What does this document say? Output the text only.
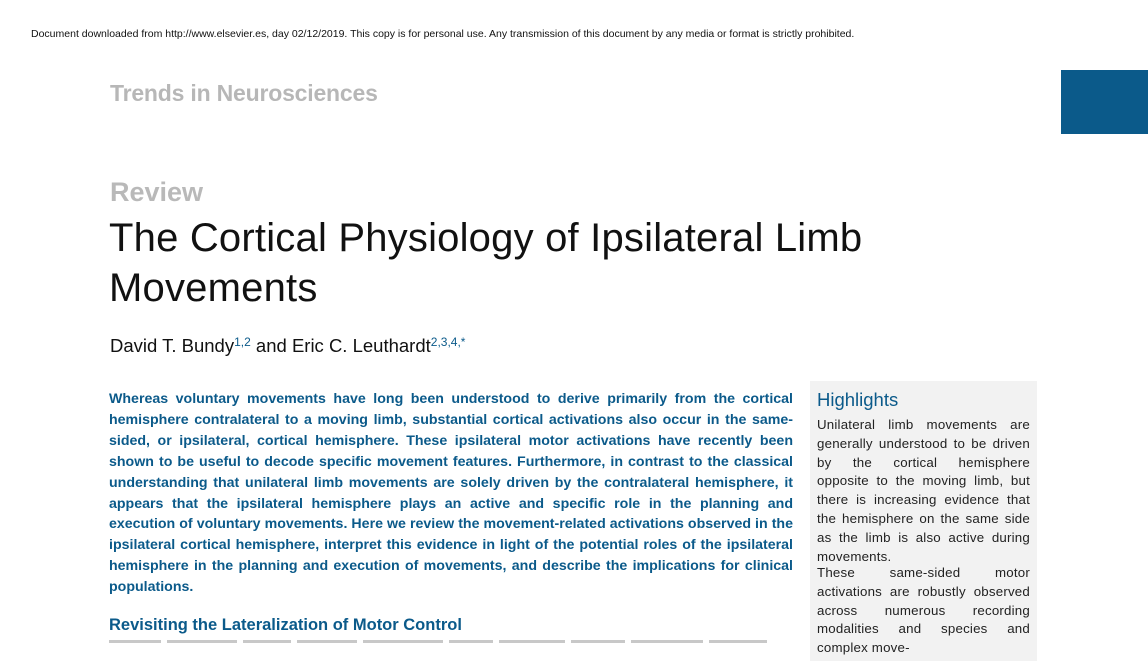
Document downloaded from http://www.elsevier.es, day 02/12/2019. This copy is for personal use. Any transmission of this document by any media or format is strictly prohibited.
Trends in Neurosciences
Review
The Cortical Physiology of Ipsilateral Limb Movements
David T. Bundy$^{1,2}$ and Eric C. Leuthardt$^{2,3,4,*}$

Whereas voluntary movements have long been understood to derive primarily from the cortical hemisphere contralateral to a moving limb, substantial cortical activations also occur in the same-sided, or ipsilateral, cortical hemisphere. These ipsilateral motor activations have recently been shown to be useful to decode specific movement features. Furthermore, in contrast to the classical understanding that unilateral limb movements are solely driven by the contralateral hemisphere, it appears that the ipsilateral hemisphere plays an active and specific role in the planning and execution of voluntary movements. Here we review the movement-related activations observed in the ipsilateral cortical hemisphere, interpret this evidence in light of the potential roles of the ipsilateral hemisphere in the planning and execution of movements, and describe the implications for clinical populations.

Revisiting the Lateralization of Motor Control
Highlights

Unilateral limb movements are generally understood to be driven by the cortical hemisphere opposite to the moving limb, but there is increasing evidence that the hemisphere on the same side as the limb is also active during movements.

These same-sided motor activations are robustly observed across numerous recording modalities and species and complex move-
